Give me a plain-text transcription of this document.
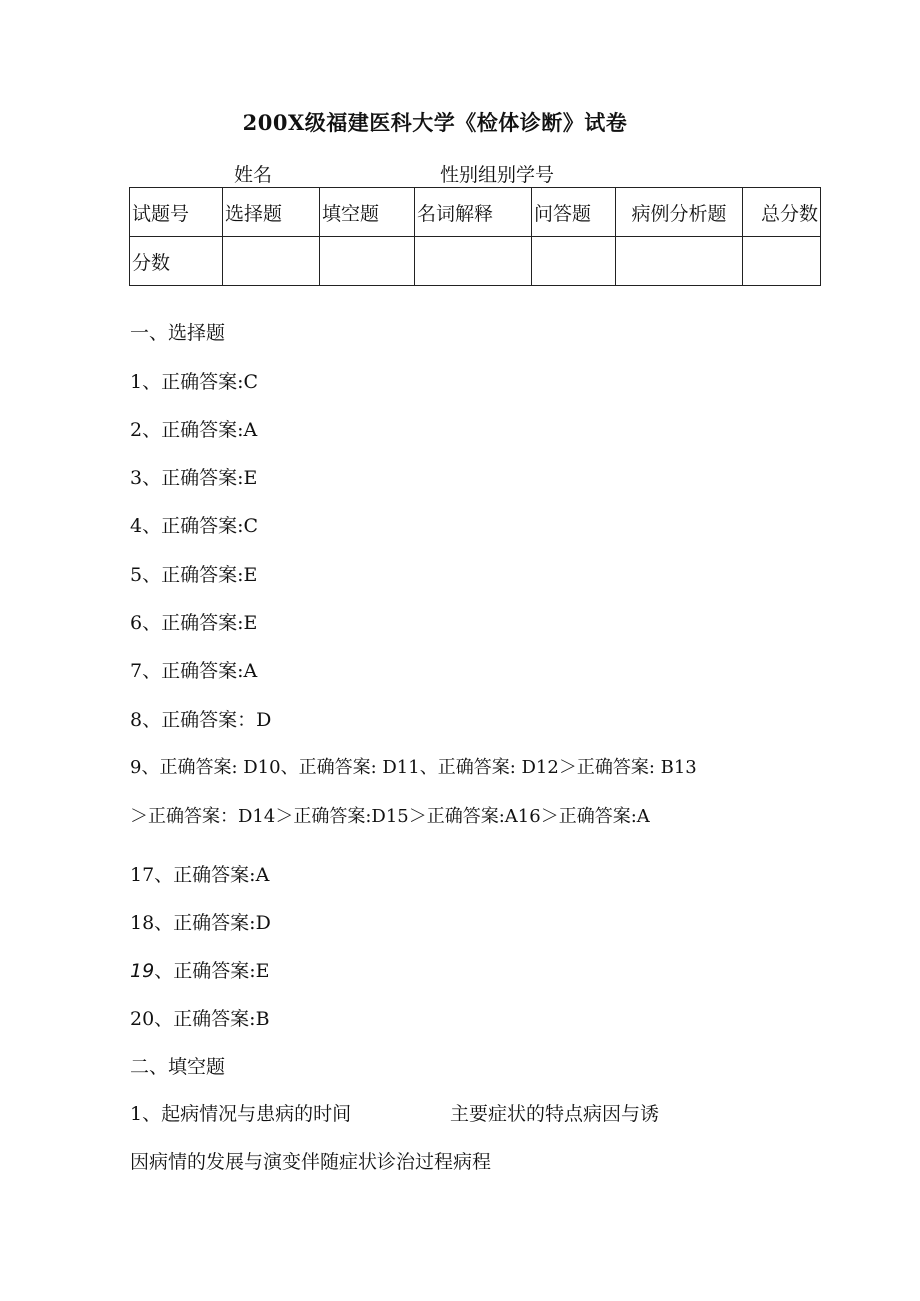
200X级福建医科大学《检体诊断》试卷
姓名	性别组别学号
试题号	选择题	填空题	名词解释	问答题	病例分析题	总分数
分数						
一、选择题
1、正确答案:C
2、正确答案:A
3、正确答案:E
4、正确答案:C
5、正确答案:E
6、正确答案:E
7、正确答案:A
8、正确答案：D
9、正确答案: D10、正确答案: D11、正确答案: D12＞正确答案: B13
＞正确答案：D14＞正确答案:D15＞正确答案:A16＞正确答案:A
17、正确答案:A
18、正确答案:D
19、正确答案:E
20、正确答案:B
二、填空题
1、起病情况与患病的时间	主要症状的特点病因与诱
因病情的发展与演变伴随症状诊治过程病程
